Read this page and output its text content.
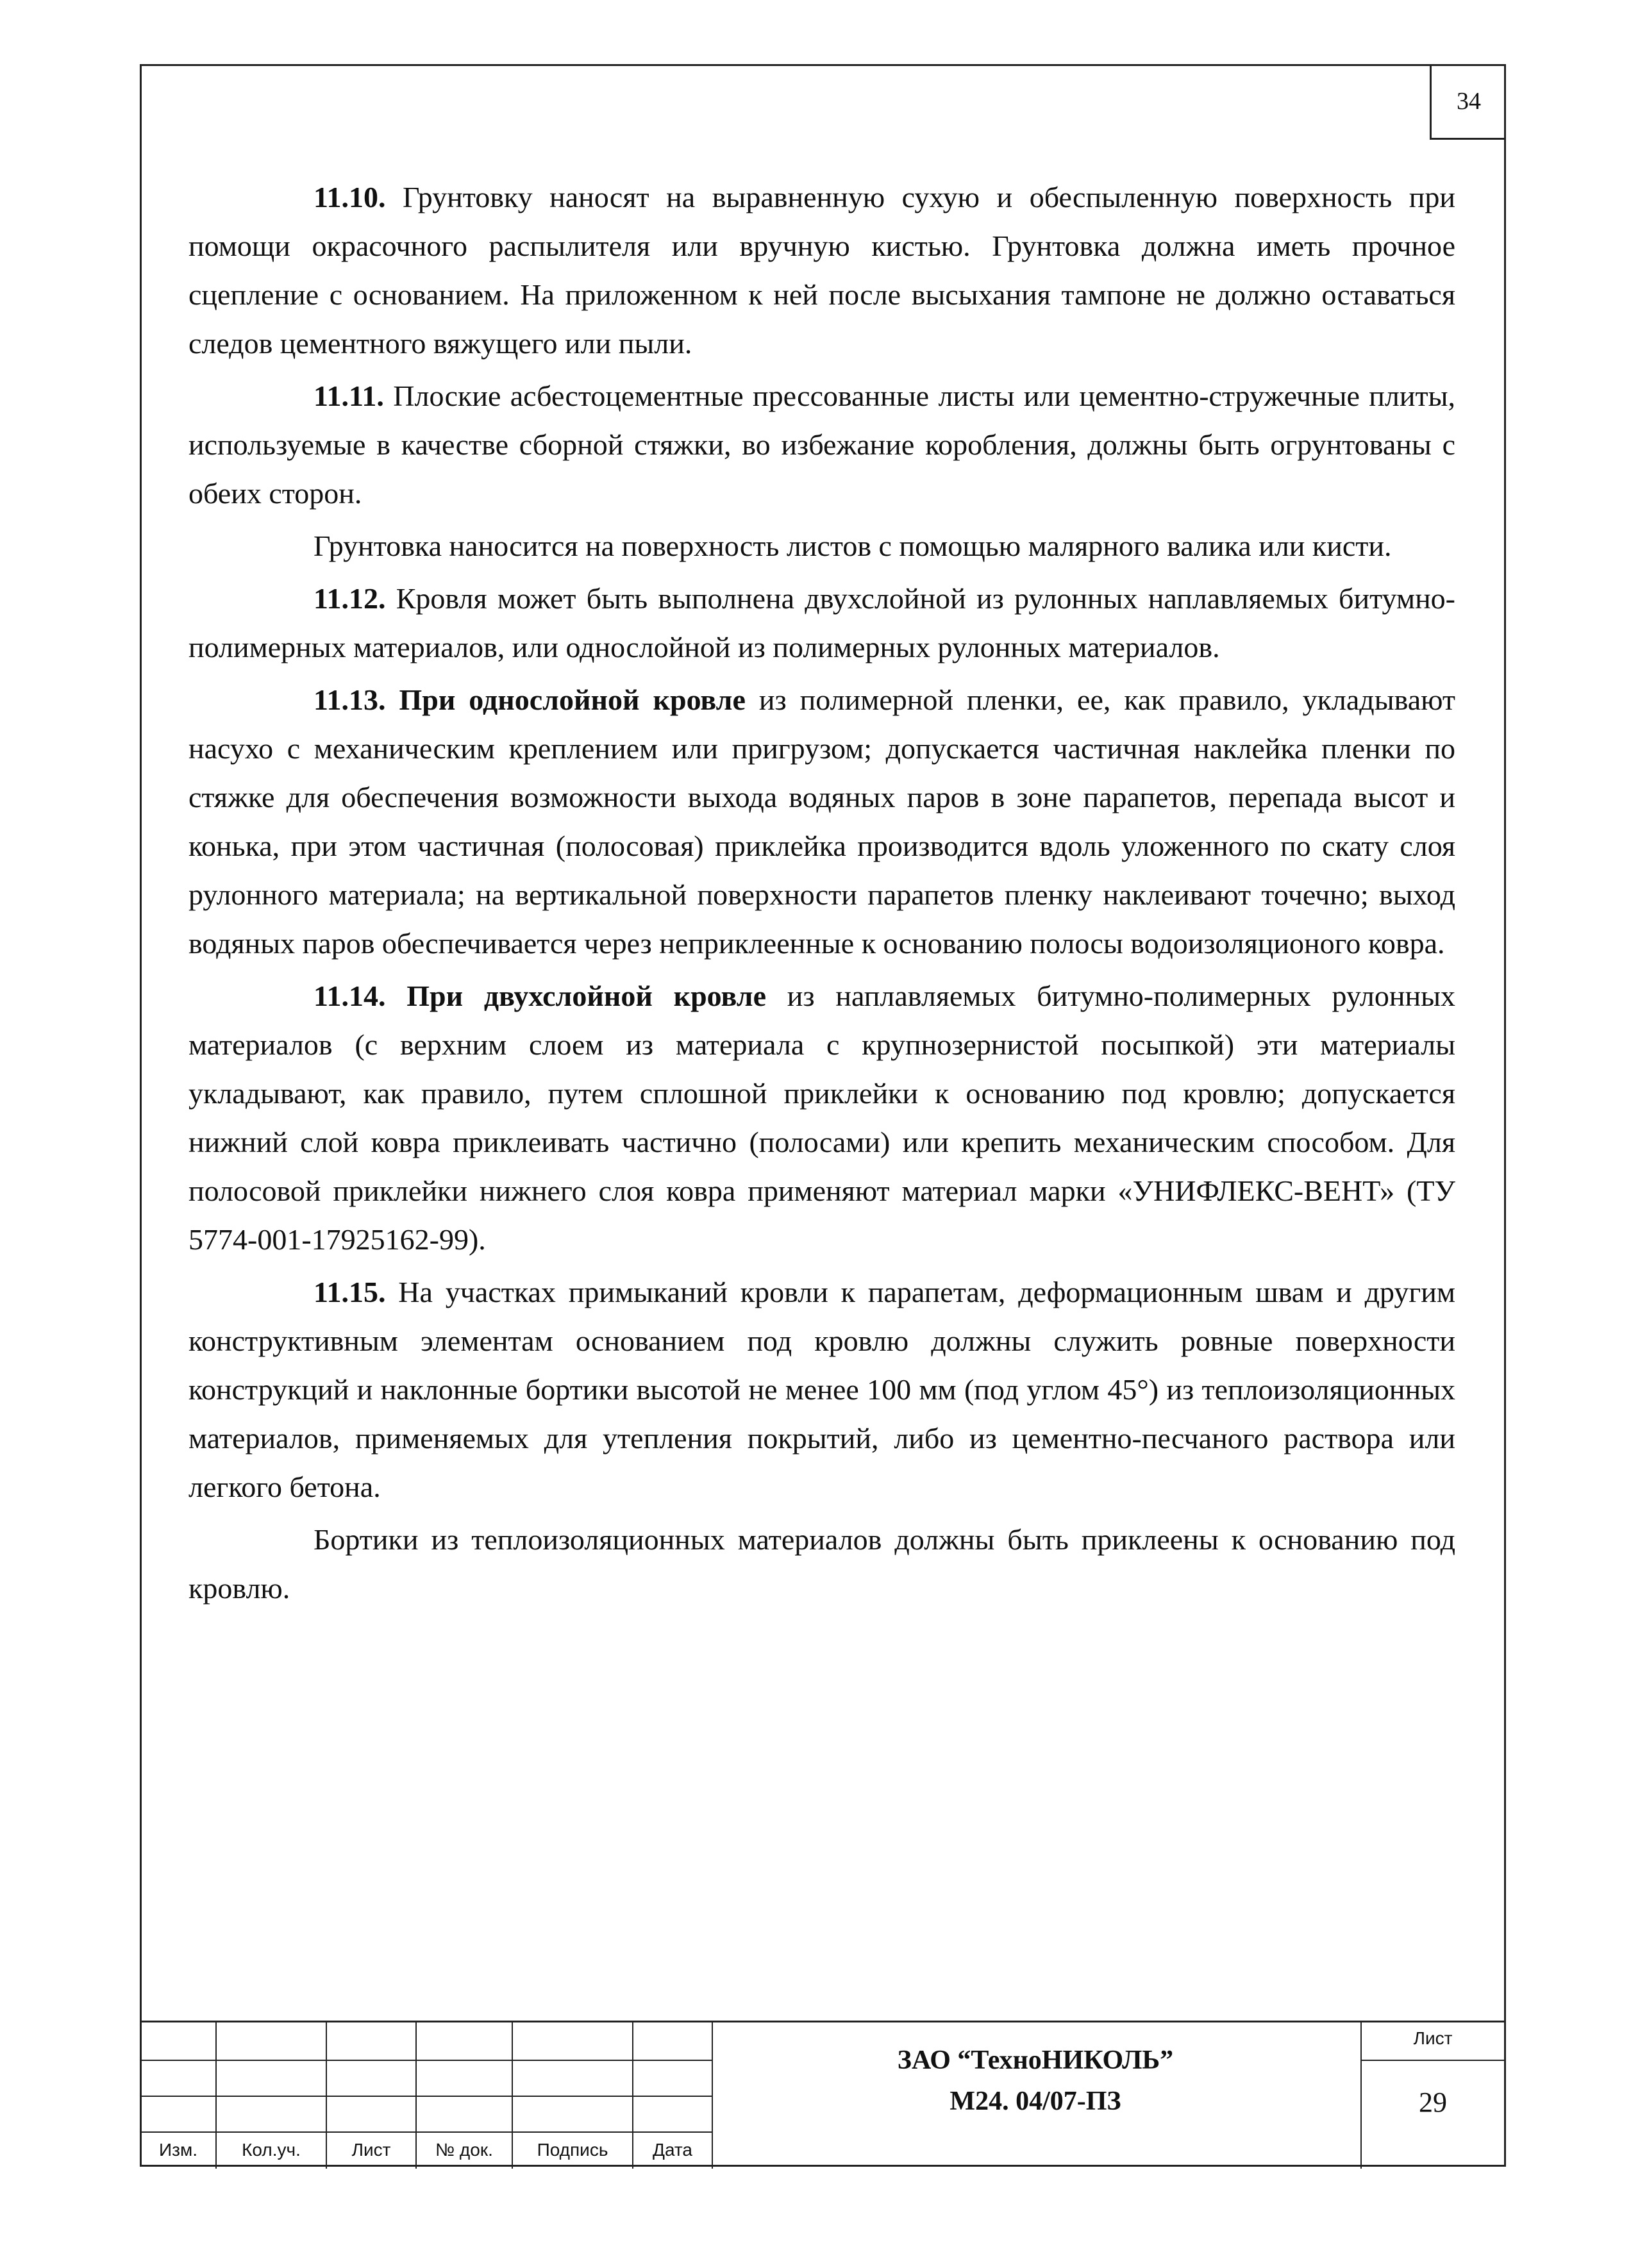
34

11.10. Грунтовку наносят на выравненную сухую и обеспыленную поверхность при помощи окрасочного распылителя или вручную кистью. Грунтовка должна иметь прочное сцепление с основанием. На приложенном к ней после высыхания тампоне не должно оставаться следов цементного вяжущего или пыли.

11.11. Плоские асбестоцементные прессованные листы или цементно-стружечные плиты, используемые в качестве сборной стяжки, во избежание коробления, должны быть огрунтованы с обеих сторон.

Грунтовка наносится на поверхность листов с помощью малярного валика или кисти.

11.12. Кровля может быть выполнена двухслойной из рулонных наплавляемых битумно-полимерных материалов, или однослойной из полимерных рулонных материалов.

11.13. При однослойной кровле из полимерной пленки, ее, как правило, укладывают насухо с механическим креплением или пригрузом; допускается частичная наклейка пленки по стяжке для обеспечения возможности выхода водяных паров в зоне парапетов, перепада высот и конька, при этом частичная (полосовая) приклейка производится вдоль уложенного по скату слоя рулонного материала; на вертикальной поверхности парапетов пленку наклеивают точечно; выход водяных паров обеспечивается через неприклеенные к основанию полосы водоизоляционого ковра.

11.14. При двухслойной кровле из наплавляемых битумно-полимерных рулонных материалов (с верхним слоем из материала с крупнозернистой посыпкой) эти материалы укладывают, как правило, путем сплошной приклейки к основанию под кровлю; допускается нижний слой ковра приклеивать частично (полосами) или крепить механическим способом. Для полосовой приклейки нижнего слоя ковра применяют материал марки «УНИФЛЕКС-ВЕНТ» (ТУ 5774-001-17925162-99).

11.15. На участках примыканий кровли к парапетам, деформационным швам и другим конструктивным элементам основанием под кровлю должны служить ровные поверхности конструкций и наклонные бортики высотой не менее 100 мм (под углом 45°) из теплоизоляционных материалов, применяемых для утепления покрытий, либо из цементно-песчаного раствора или легкого бетона.

Бортики из теплоизоляционных материалов должны быть приклеены к основанию под кровлю.

Изм.	Кол.уч.	Лист	№ док.	Подпись	Дата
ЗАО “ТехноНИКОЛЬ”
М24. 04/07-ПЗ
Лист
29
